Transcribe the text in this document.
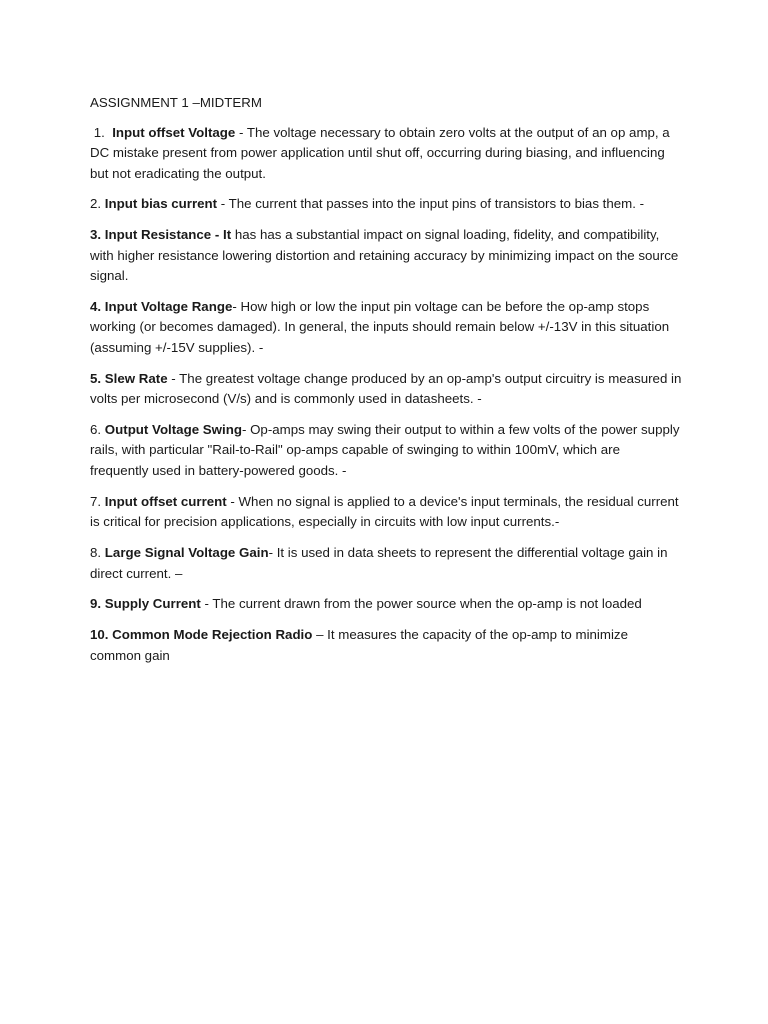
ASSIGNMENT 1 –MIDTERM

1.  Input offset Voltage - The voltage necessary to obtain zero volts at the output of an op amp, a DC mistake present from power application until shut off, occurring during biasing, and influencing but not eradicating the output.

2. Input bias current - The current that passes into the input pins of transistors to bias them. -

3. Input Resistance - It has has a substantial impact on signal loading, fidelity, and compatibility, with higher resistance lowering distortion and retaining accuracy by minimizing impact on the source signal.

4. Input Voltage Range- How high or low the input pin voltage can be before the op-amp stops working (or becomes damaged). In general, the inputs should remain below +/-13V in this situation (assuming +/-15V supplies). -

5. Slew Rate - The greatest voltage change produced by an op-amp's output circuitry is measured in volts per microsecond (V/s) and is commonly used in datasheets. -

6. Output Voltage Swing- Op-amps may swing their output to within a few volts of the power supply rails, with particular "Rail-to-Rail" op-amps capable of swinging to within 100mV, which are frequently used in battery-powered goods. -

7. Input offset current - When no signal is applied to a device's input terminals, the residual current is critical for precision applications, especially in circuits with low input currents.-

8. Large Signal Voltage Gain- It is used in data sheets to represent the differential voltage gain in direct current. –

9. Supply Current - The current drawn from the power source when the op-amp is not loaded

10. Common Mode Rejection Radio – It measures the capacity of the op-amp to minimize common gain
